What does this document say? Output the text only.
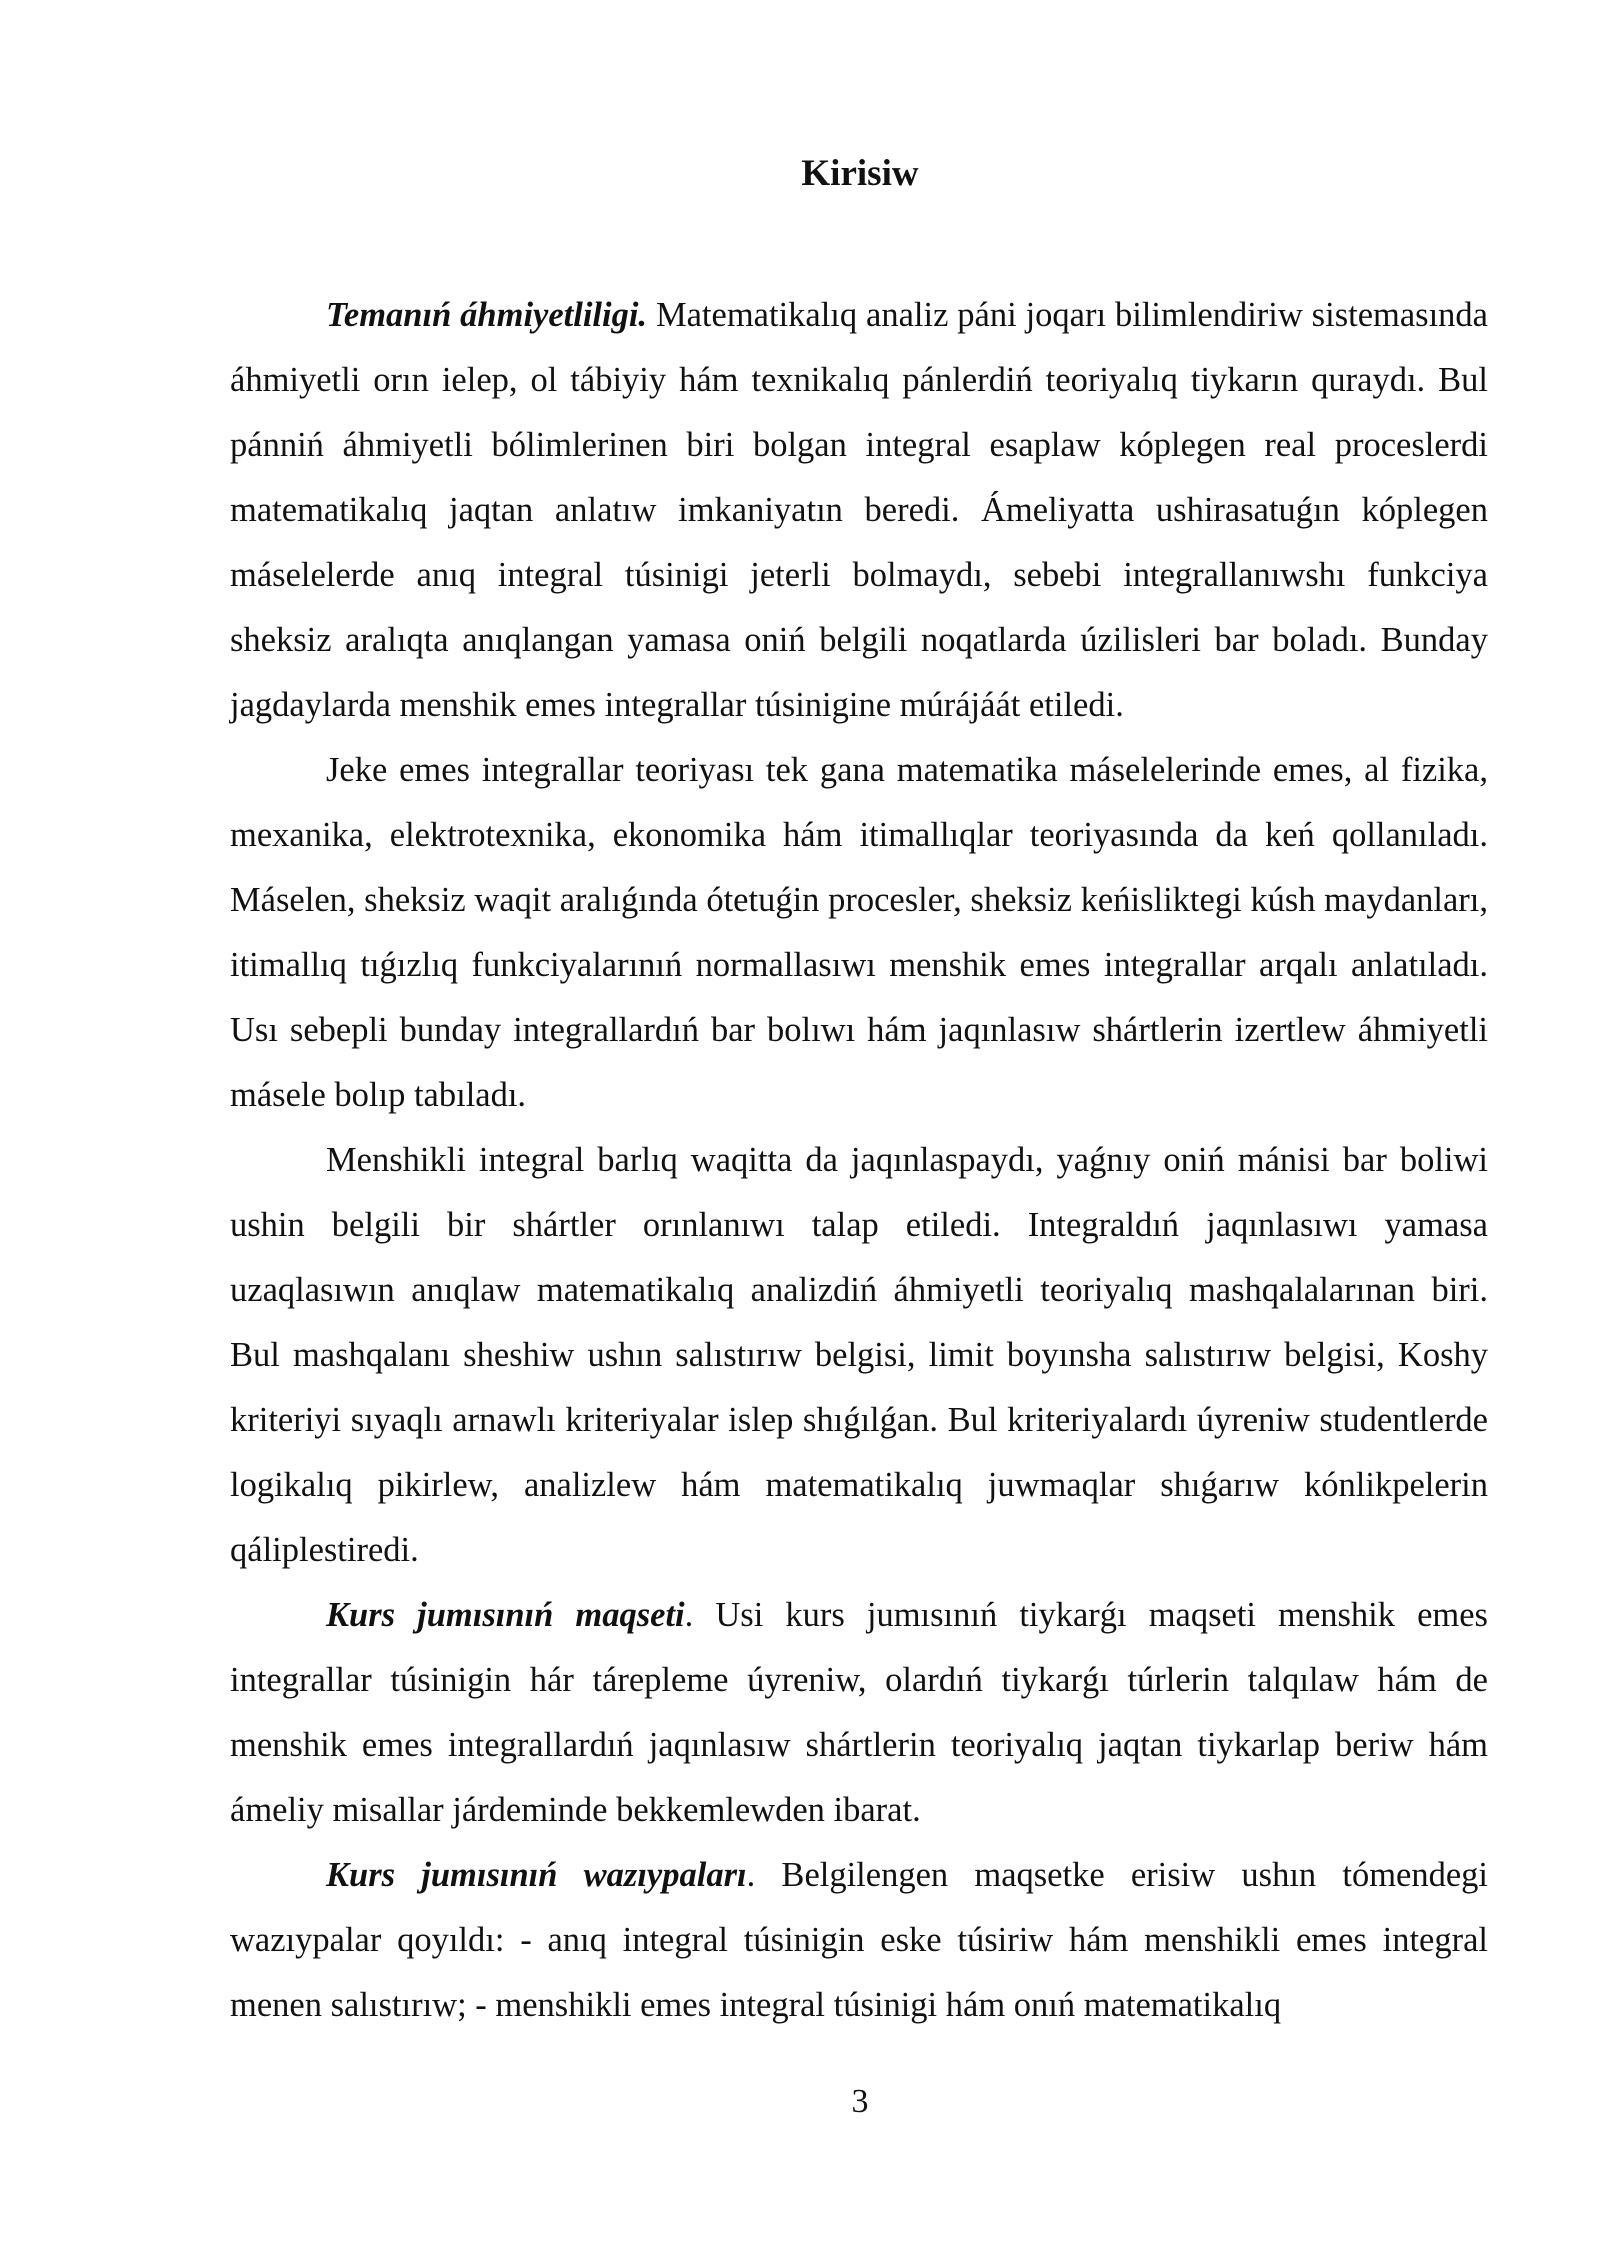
Kirisiw

Temanıń áhmiyetliligi. Matematikalıq analiz páni joqarı bilimlendiriw sistemasında áhmiyetli orın ielep, ol tábiyiy hám texnikalıq pánlerdiń teoriyalıq tiykarın quraydı. Bul pánniń áhmiyetli bólimlerinen biri bolgan integral esaplaw kóplegen real proceslerdi matematikalıq jaqtan anlatıw imkaniyatın beredi. Ámeliyatta ushirasatuǵın kóplegen máselelerde anıq integral túsinigi jeterli bolmaydı, sebebi integrallanıwshı funkciya sheksiz aralıqta anıqlangan yamasa oniń belgili noqatlarda úzilisleri bar boladı. Bunday jagdaylarda menshik emes integrallar túsinigine múrájáát etiledi.

Jeke emes integrallar teoriyası tek gana matematika máselelerinde emes, al fizika, mexanika, elektrotexnika, ekonomika hám itimallıqlar teoriyasında da keń qollanıladı. Máselen, sheksiz waqit aralıǵında ótetuǵin procesler, sheksiz keńisliktegi kúsh maydanları, itimallıq tıǵızlıq funkciyalarınıń normallasıwı menshik emes integrallar arqalı anlatıladı. Usı sebepli bunday integrallardıń bar bolıwı hám jaqınlasıw shártlerin izertlew áhmiyetli másele bolıp tabıladı.

Menshikli integral barlıq waqitta da jaqınlaspaydı, yaǵnıy oniń mánisi bar boliwi ushin belgili bir shártler orınlanıwı talap etiledi. Integraldıń jaqınlasıwı yamasa uzaqlasıwın anıqlaw matematikalıq analizdiń áhmiyetli teoriyalıq mashqalalarınan biri. Bul mashqalanı sheshiw ushın salıstırıw belgisi, limit boyınsha salıstırıw belgisi, Koshy kriteriyi sıyaqlı arnawlı kriteriyalar islep shıǵılǵan. Bul kriteriyalardı úyreniw studentlerde logikalıq pikirlew, analizlew hám matematikalıq juwmaqlar shıǵarıw kónlikpelerin qáliplestiredi.

Kurs jumısınıń maqseti. Usi kurs jumısınıń tiykarǵı maqseti menshik emes integrallar túsinigin hár tárepleme úyreniw, olardıń tiykarǵı túrlerin talqılaw hám de menshik emes integrallardıń jaqınlasıw shártlerin teoriyalıq jaqtan tiykarlap beriw hám ámeliy misallar járdeminde bekkemlewden ibarat.

Kurs jumısınıń wazıypaları. Belgilengen maqsetke erisiw ushın tómendegi wazıypalar qoyıldı: - anıq integral túsinigin eske túsiriw hám menshikli emes integral menen salıstırıw; - menshikli emes integral túsinigi hám onıń matematikalıq

3
